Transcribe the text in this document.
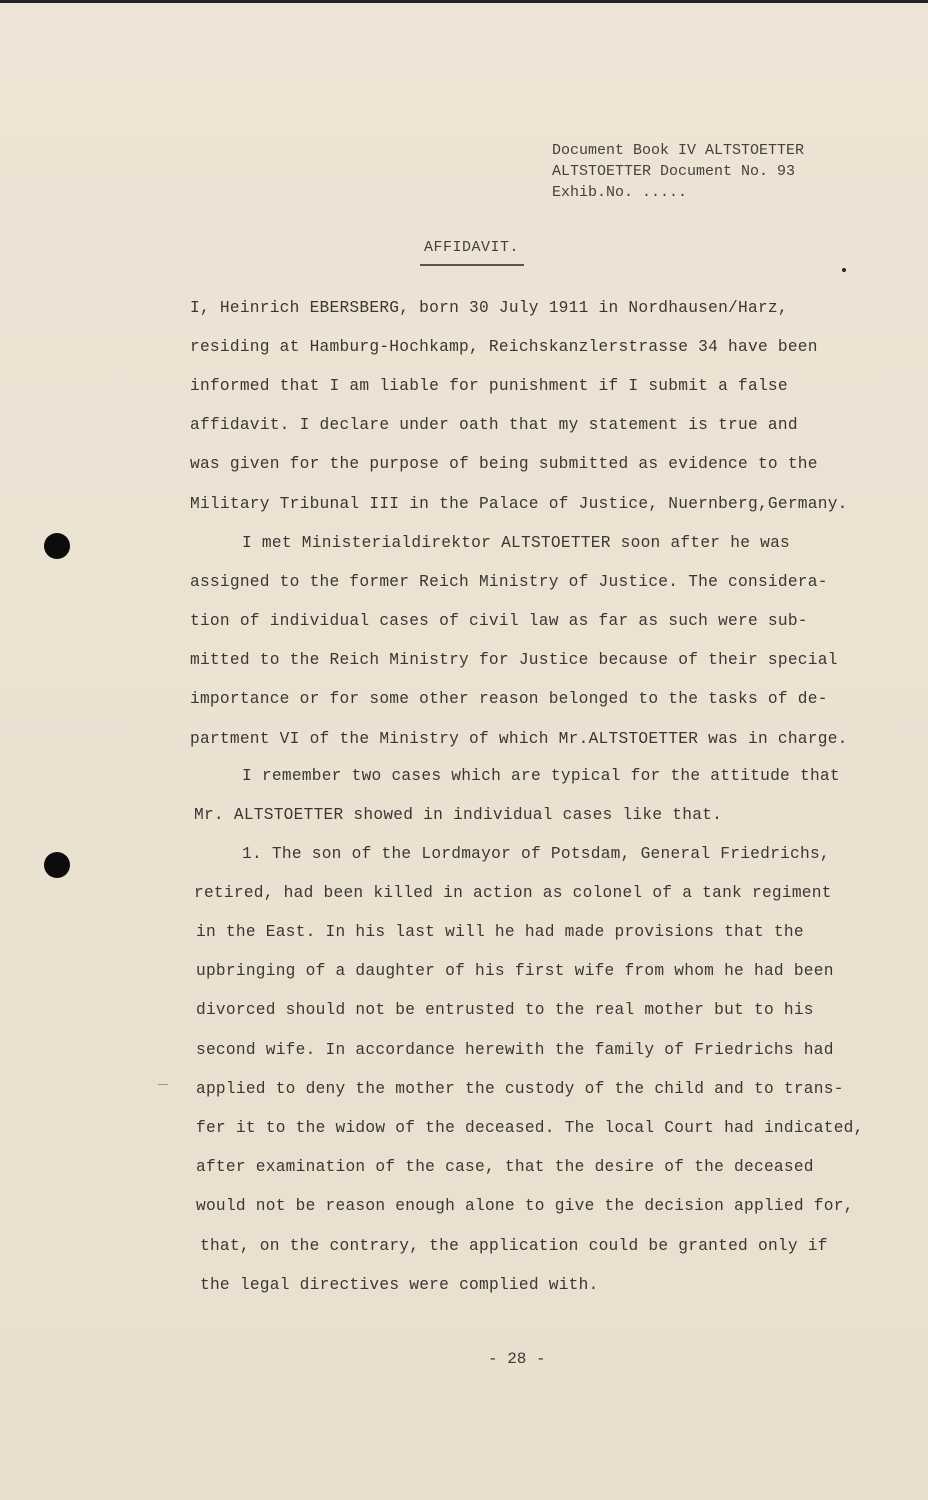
Document Book IV ALTSTOETTER
ALTSTOETTER Document No. 93
Exhib.No. .....
AFFIDAVIT.
I, Heinrich EBERSBERG, born 30 July 1911 in Nordhausen/Harz,
residing at Hamburg-Hochkamp, Reichskanzlerstrasse 34 have been
informed that I am liable for punishment if I submit a false
affidavit. I declare under oath that my statement is true and
was given for the purpose of being submitted as evidence to the
Military Tribunal III in the Palace of Justice, Nuernberg,Germany.
I met Ministerialdirektor ALTSTOETTER soon after he was
assigned to the former Reich Ministry of Justice. The considera-
tion of individual cases of civil law as far as such were sub-
mitted to the Reich Ministry for Justice because of their special
importance or for some other reason belonged to the tasks of de-
partment VI of the Ministry of which Mr.ALTSTOETTER was in charge.
I remember two cases which are typical for the attitude that
Mr. ALTSTOETTER showed in individual cases like that.
1. The son of the Lordmayor of Potsdam, General Friedrichs,
retired, had been killed in action as colonel of a tank regiment
in the East. In his last will he had made provisions that the
upbringing of a daughter of his first wife from whom he had been
divorced should not be entrusted to the real mother but to his
second wife. In accordance herewith the family of Friedrichs had
applied to deny the mother the custody of the child and to trans-
fer it to the widow of the deceased. The local Court had indicated,
after examination of the case, that the desire of the deceased
would not be reason enough alone to give the decision applied for,
that, on the contrary, the application could be granted only if
the legal directives were complied with.
- 28 -
